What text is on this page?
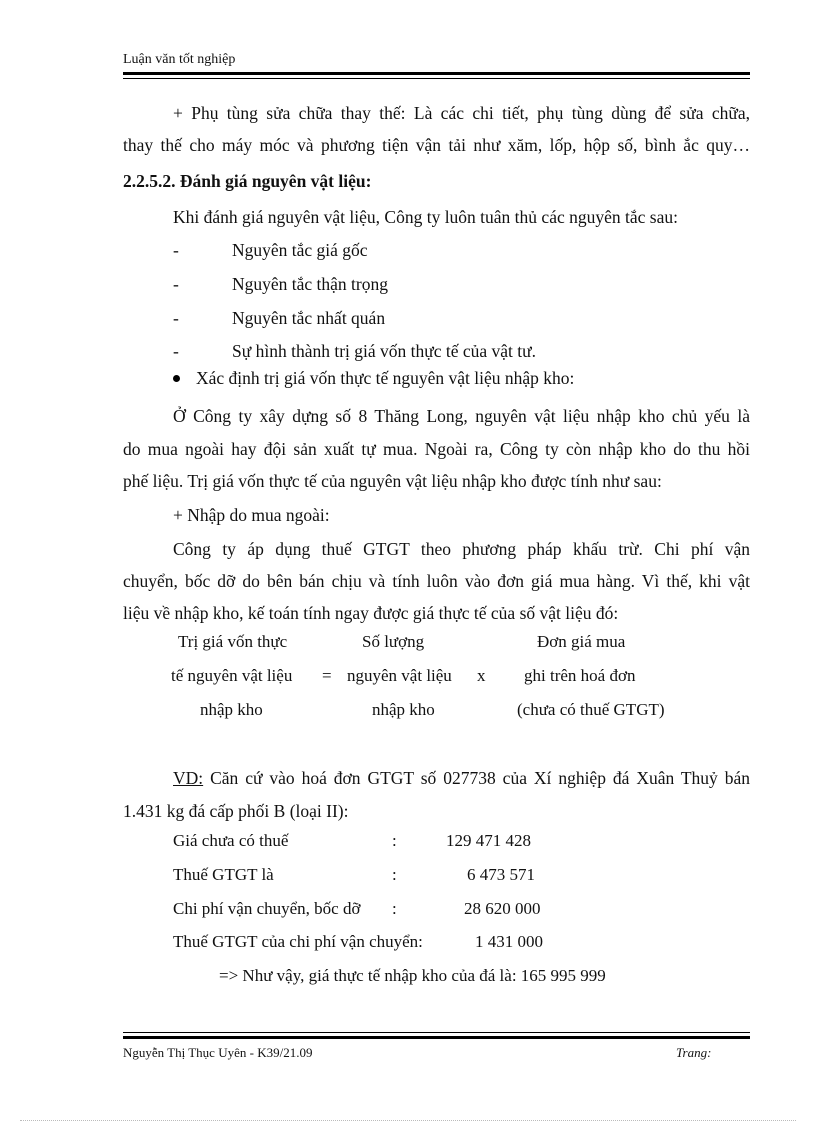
Luận văn tốt nghiệp
+ Phụ tùng sửa chữa thay thế: Là các chi tiết, phụ tùng dùng để sửa chữa,
thay thế cho máy móc và phương tiện vận tải như xăm, lốp, hộp số, bình ắc quy…
2.2.5.2. Đánh giá nguyên vật liệu:
Khi đánh giá nguyên vật liệu, Công ty luôn tuân thủ các nguyên tắc sau:
-	Nguyên tắc giá gốc
-	Nguyên tắc thận trọng
-	Nguyên tắc nhất quán
-	Sự hình thành trị giá vốn thực tế của vật tư.
Xác định trị giá vốn thực tế nguyên vật liệu nhập kho:
Ở Công ty xây dựng số 8 Thăng Long, nguyên vật liệu nhập kho chủ yếu là
do mua ngoài hay đội sản xuất tự mua. Ngoài ra, Công ty còn nhập kho do thu hồi
phế liệu. Trị giá vốn thực tế của nguyên vật liệu nhập kho được tính như sau:
+ Nhập do mua ngoài:
Công ty áp dụng thuế GTGT theo phương pháp khấu trừ. Chi phí vận
chuyển, bốc dỡ do bên bán chịu và tính luôn vào đơn giá mua hàng. Vì thế, khi vật
liệu về nhập kho, kế toán tính ngay được giá thực tế của số vật liệu đó:
Trị giá vốn thực
tế nguyên vật liệu
nhập kho
=
Số lượng
nguyên vật liệu
nhập kho
x
Đơn giá mua
ghi trên hoá đơn
(chưa có thuế GTGT)
VD: Căn cứ vào hoá đơn GTGT số 027738 của Xí nghiệp đá Xuân Thuỷ bán
1.431 kg đá cấp phối B (loại II):
Giá chưa có thuế	:	129 471 428
Thuế GTGT là	:	6 473 571
Chi phí vận chuyển, bốc dỡ :	28 620 000
Thuế GTGT của chi phí vận chuyển:	1 431 000
=> Như vậy, giá thực tế nhập kho của đá là: 165 995 999
Nguyễn Thị Thục Uyên - K39/21.09	Trang:
